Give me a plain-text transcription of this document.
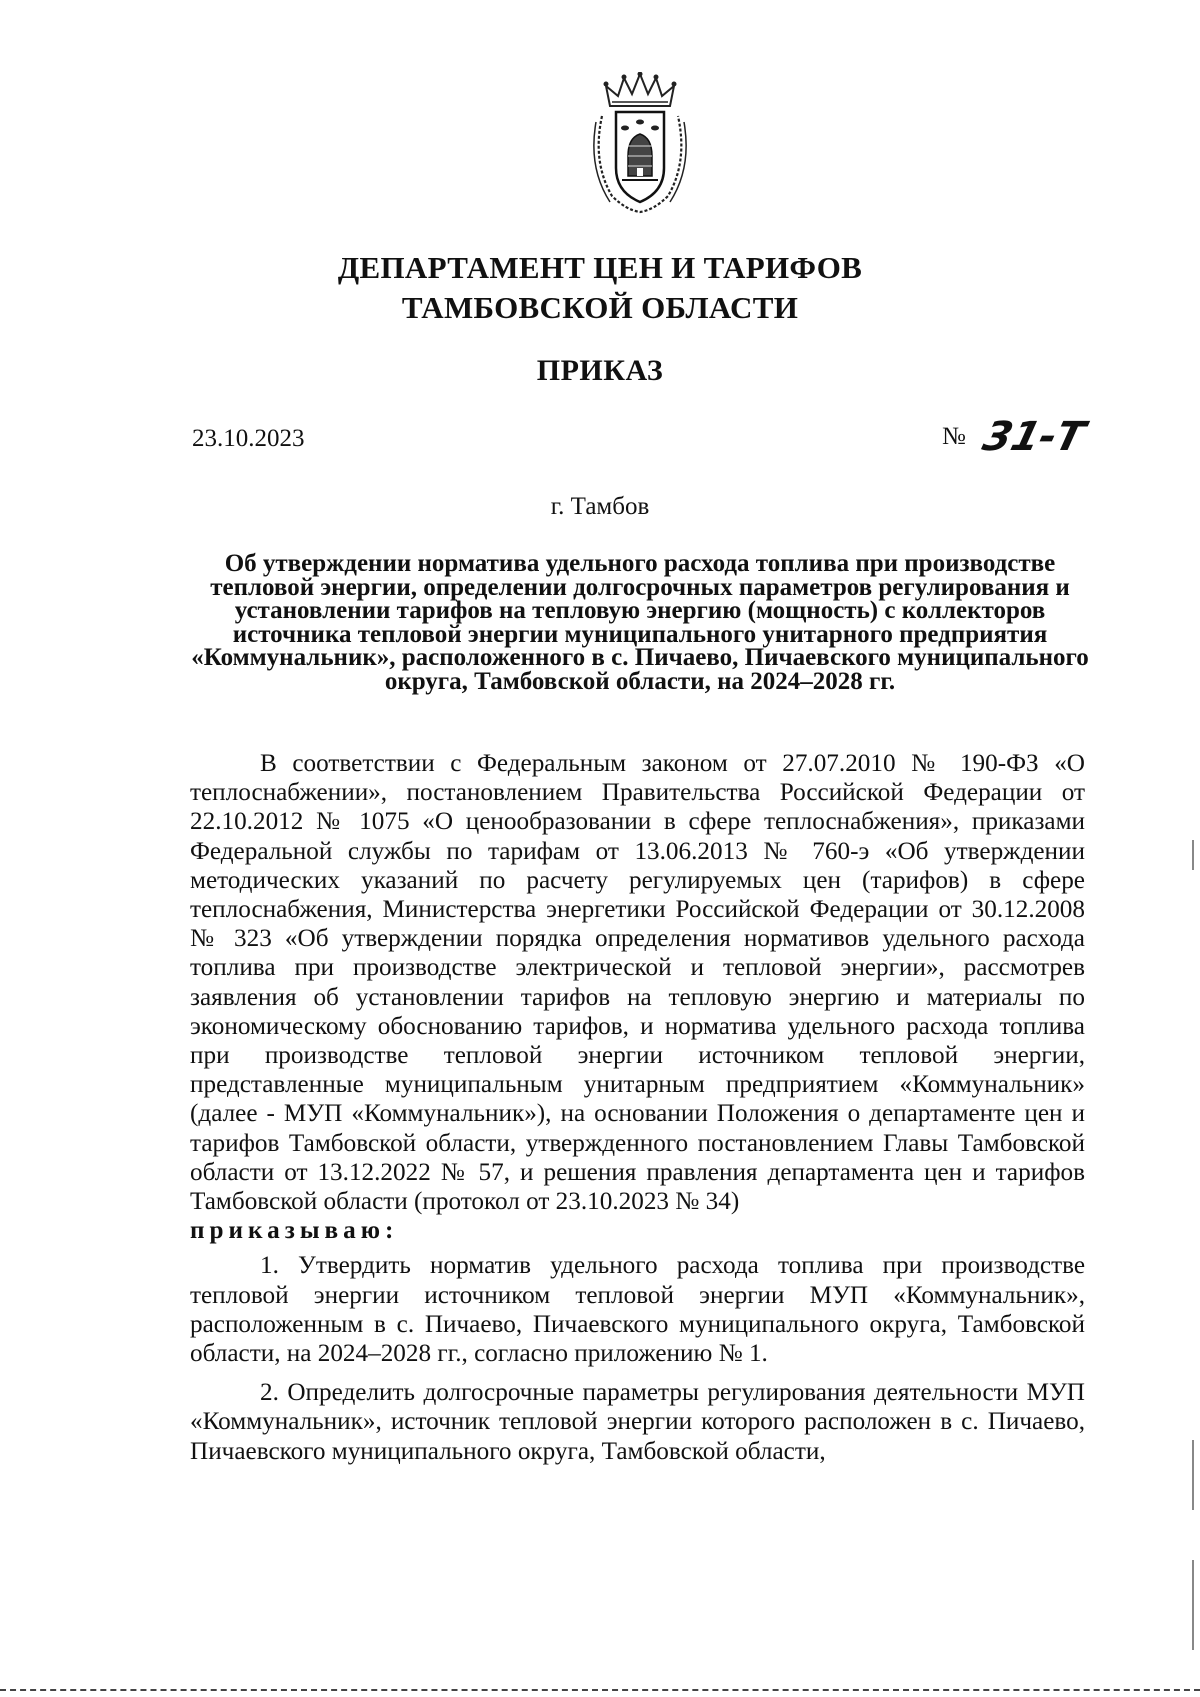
ДЕПАРТАМЕНТ ЦЕН И ТАРИФОВ
ТАМБОВСКОЙ ОБЛАСТИ
ПРИКАЗ
23.10.2023	№ 31-Т
г. Тамбов
Об утверждении норматива удельного расхода топлива при производстве тепловой энергии, определении долгосрочных параметров регулирования и установлении тарифов на тепловую энергию (мощность) с коллекторов источника тепловой энергии муниципального унитарного предприятия «Коммунальник», расположенного в с. Пичаево, Пичаевского муниципального округа, Тамбовской области, на 2024–2028 гг.

В соответствии с Федеральным законом от 27.07.2010 № 190-ФЗ «О теплоснабжении», постановлением Правительства Российской Федерации от 22.10.2012 № 1075 «О ценообразовании в сфере теплоснабжения», приказами Федеральной службы по тарифам от 13.06.2013 № 760-э «Об утверждении методических указаний по расчету регулируемых цен (тарифов) в сфере теплоснабжения, Министерства энергетики Российской Федерации от 30.12.2008 № 323 «Об утверждении порядка определения нормативов удельного расхода топлива при производстве электрической и тепловой энергии», рассмотрев заявления об установлении тарифов на тепловую энергию и материалы по экономическому обоснованию тарифов, и норматива удельного расхода топлива при производстве тепловой энергии источником тепловой энергии, представленные муниципальным унитарным предприятием «Коммунальник» (далее - МУП «Коммунальник»), на основании Положения о департаменте цен и тарифов Тамбовской области, утвержденного постановлением Главы Тамбовской области от 13.12.2022 № 57, и решения правления департамента цен и тарифов Тамбовской области (протокол от 23.10.2023 № 34)

приказываю:

1. Утвердить норматив удельного расхода топлива при производстве тепловой энергии источником тепловой энергии МУП «Коммунальник», расположенным в с. Пичаево, Пичаевского муниципального округа, Тамбовской области, на 2024–2028 гг., согласно приложению № 1.

2. Определить долгосрочные параметры регулирования деятельности МУП «Коммунальник», источник тепловой энергии которого расположен в с. Пичаево, Пичаевского муниципального округа, Тамбовской области,
